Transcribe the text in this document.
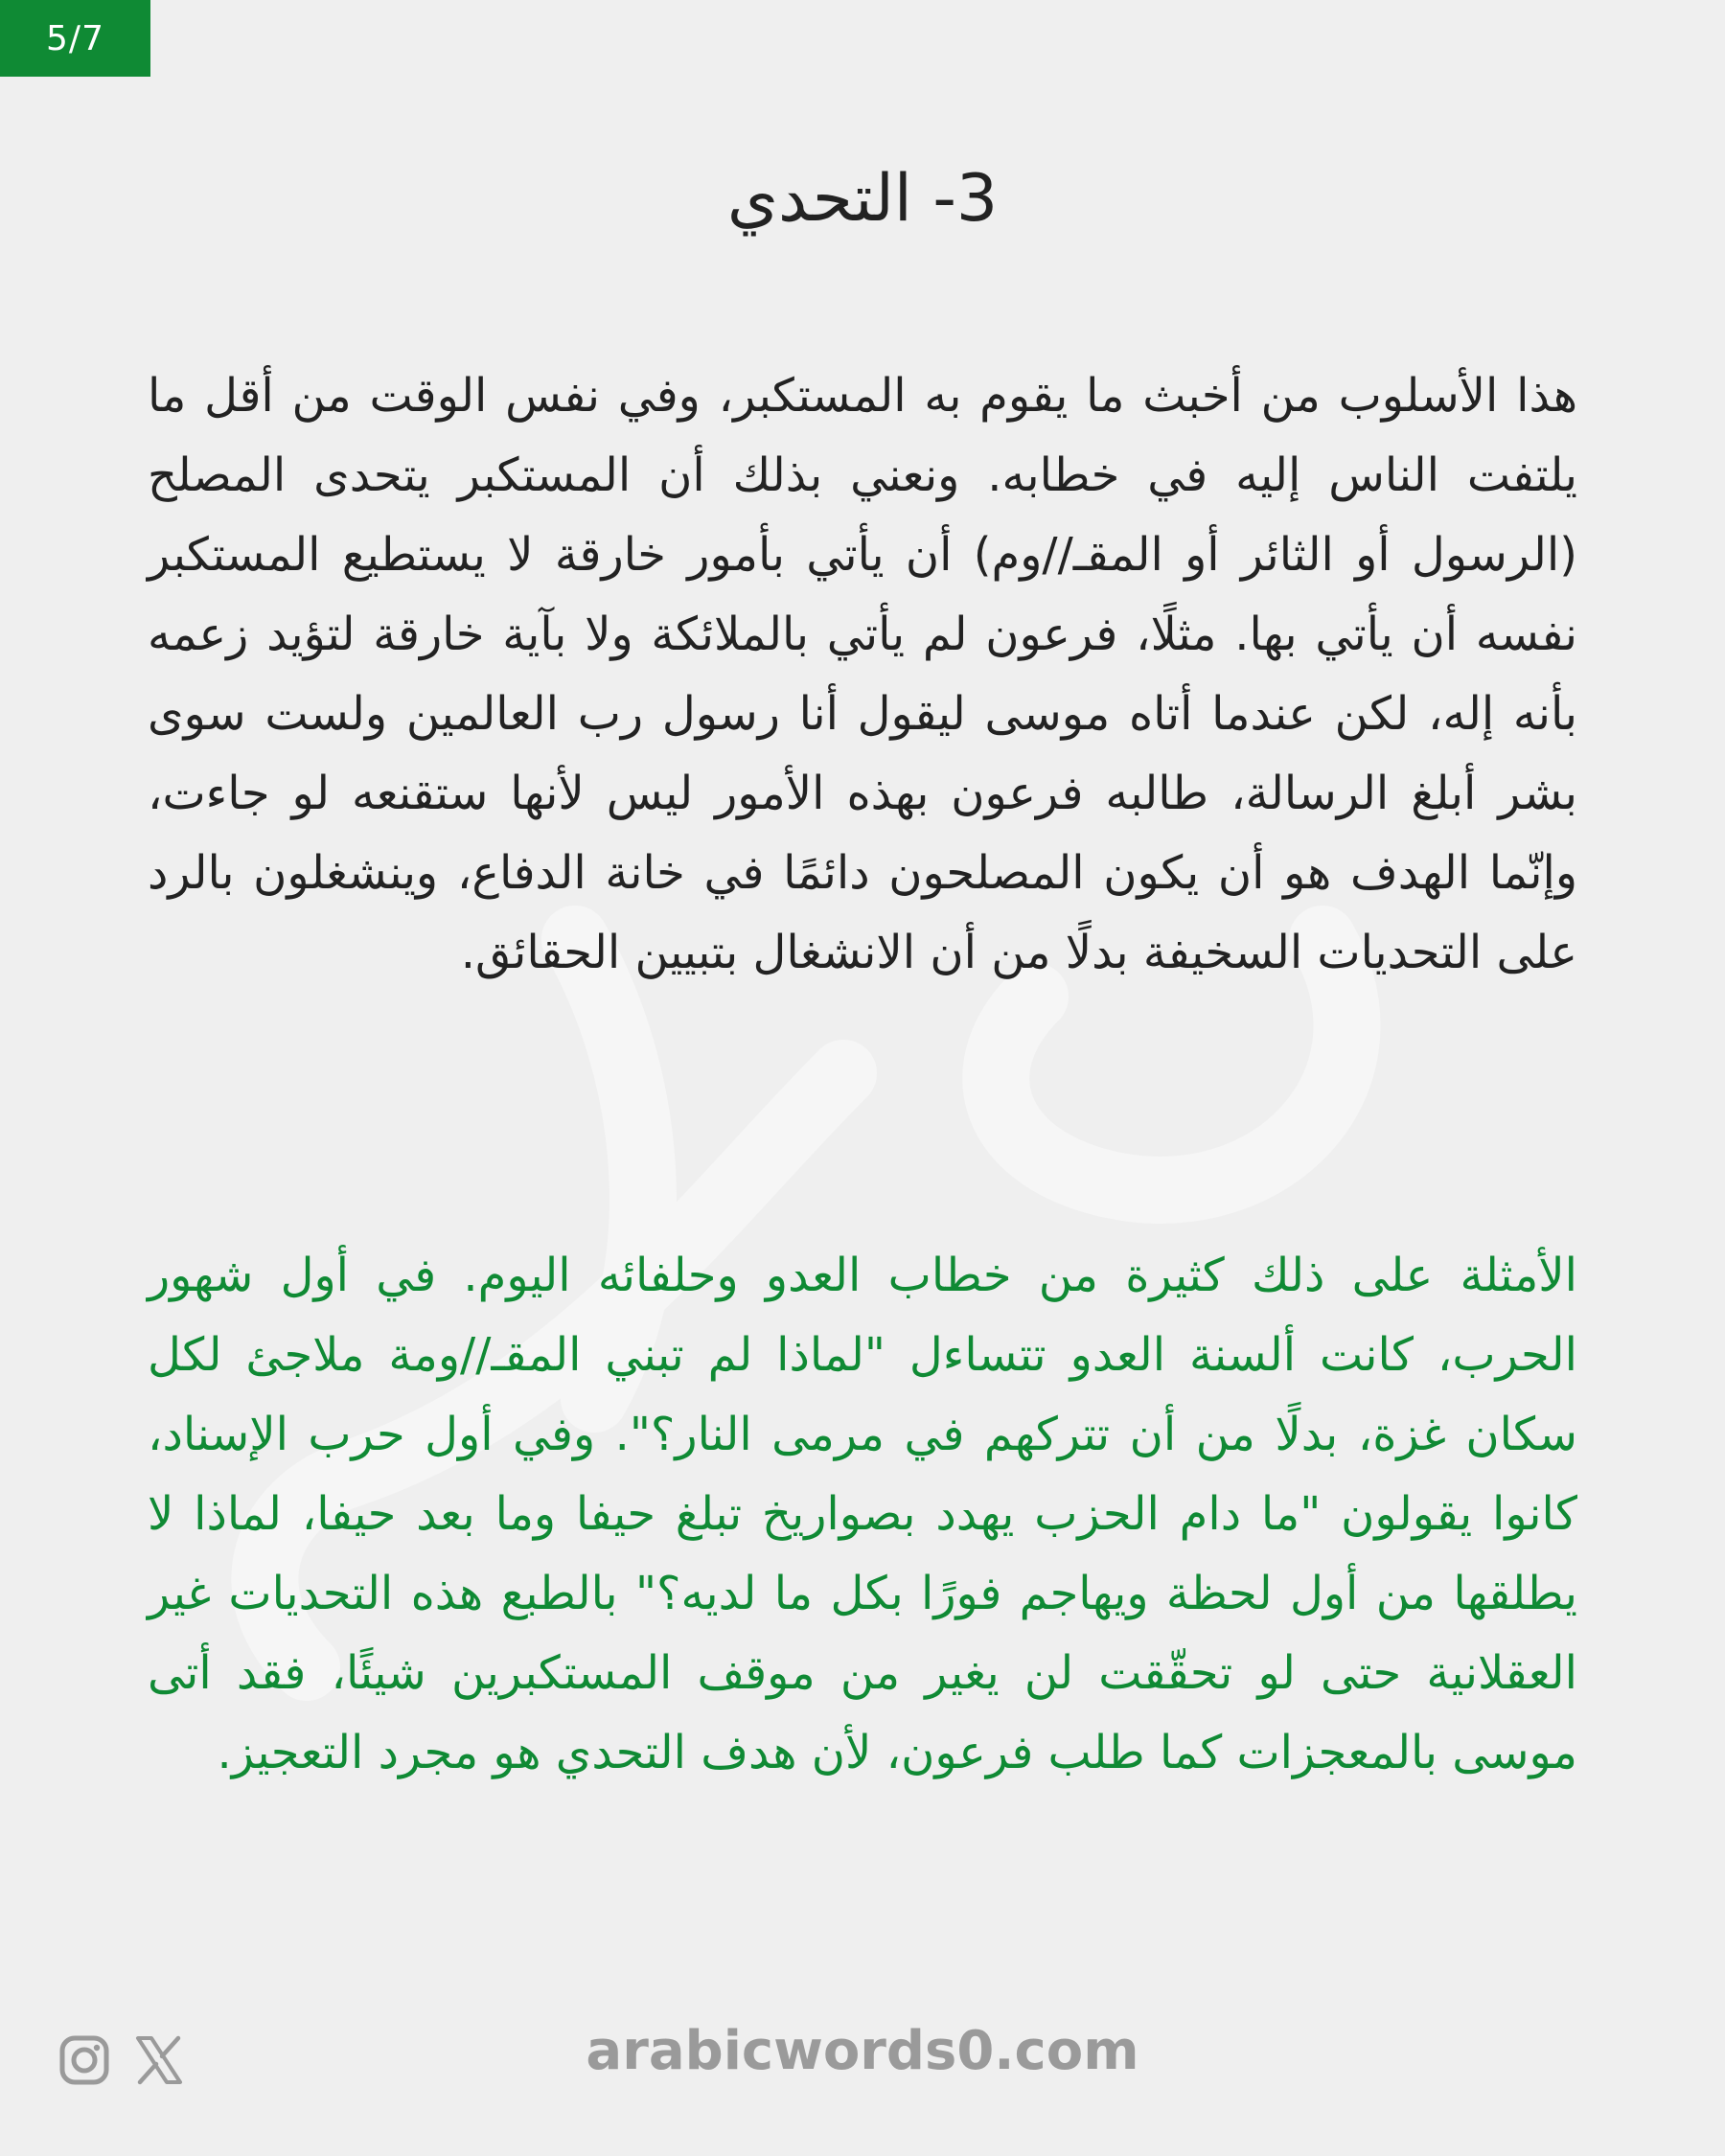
5/7
3- التحدي

هذا الأسلوب من أخبث ما يقوم به المستكبر، وفي نفس الوقت من أقل ما يلتفت الناس إليه في خطابه. ونعني بذلك أن المستكبر يتحدى المصلح (الرسول أو الثائر أو المقـ//وم) أن يأتي بأمور خارقة لا يستطيع المستكبر نفسه أن يأتي بها. مثلًا، فرعون لم يأتي بالملائكة ولا بآية خارقة لتؤيد زعمه بأنه إله، لكن عندما أتاه موسى ليقول أنا رسول رب العالمين ولست سوى بشر أبلغ الرسالة، طالبه فرعون بهذه الأمور ليس لأنها ستقنعه لو جاءت، وإنّما الهدف هو أن يكون المصلحون دائمًا في خانة الدفاع، وينشغلون بالرد على التحديات السخيفة بدلًا من أن الانشغال بتبيين الحقائق.

الأمثلة على ذلك كثيرة من خطاب العدو وحلفائه اليوم. في أول شهور الحرب، كانت ألسنة العدو تتساءل "لماذا لم تبني المقـ//ومة ملاجئ لكل سكان غزة، بدلًا من أن تتركهم في مرمى النار؟". وفي أول حرب الإسناد، كانوا يقولون "ما دام الحزب يهدد بصواريخ تبلغ حيفا وما بعد حيفا، لماذا لا يطلقها من أول لحظة ويهاجم فورًا بكل ما لديه؟" بالطبع هذه التحديات غير العقلانية حتى لو تحقّقت لن يغير من موقف المستكبرين شيئًا، فقد أتى موسى بالمعجزات كما طلب فرعون، لأن هدف التحدي هو مجرد التعجيز.

arabicwords0.com
